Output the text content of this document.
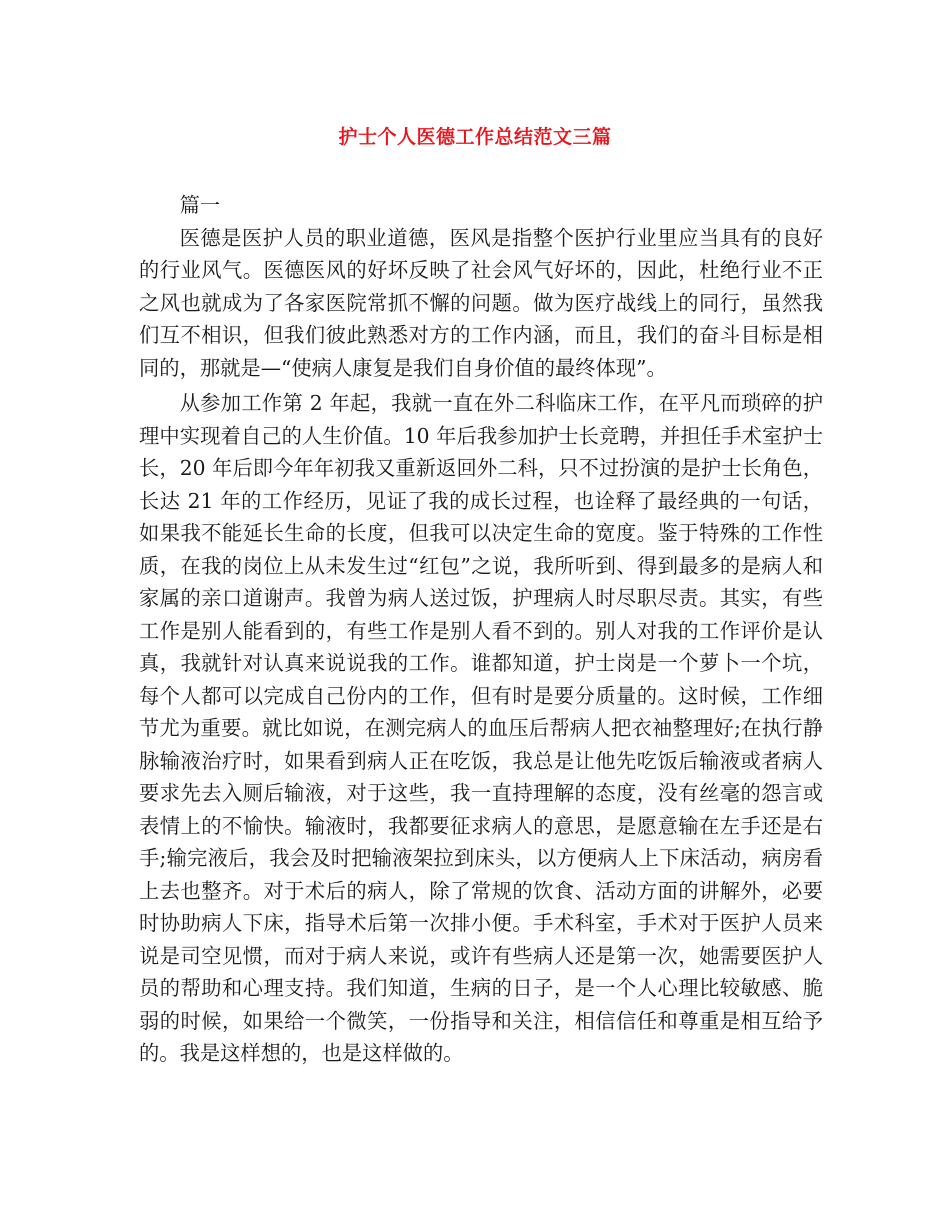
护士个人医德工作总结范文三篇

篇一

医德是医护人员的职业道德，医风是指整个医护行业里应当具有的良好的行业风气。医德医风的好坏反映了社会风气好坏的，因此，杜绝行业不正之风也就成为了各家医院常抓不懈的问题。做为医疗战线上的同行，虽然我们互不相识，但我们彼此熟悉对方的工作内涵，而且，我们的奋斗目标是相同的，那就是—“使病人康复是我们自身价值的最终体现”。

从参加工作第 2 年起，我就一直在外二科临床工作，在平凡而琐碎的护理中实现着自己的人生价值。10 年后我参加护士长竞聘，并担任手术室护士长，20 年后即今年年初我又重新返回外二科，只不过扮演的是护士长角色，长达 21 年的工作经历，见证了我的成长过程，也诠释了最经典的一句话，如果我不能延长生命的长度，但我可以决定生命的宽度。鉴于特殊的工作性质，在我的岗位上从未发生过“红包”之说，我所听到、得到最多的是病人和家属的亲口道谢声。我曾为病人送过饭，护理病人时尽职尽责。其实，有些工作是别人能看到的，有些工作是别人看不到的。别人对我的工作评价是认真，我就针对认真来说说我的工作。谁都知道，护士岗是一个萝卜一个坑，每个人都可以完成自己份内的工作，但有时是要分质量的。这时候，工作细节尤为重要。就比如说，在测完病人的血压后帮病人把衣袖整理好;在执行静脉输液治疗时，如果看到病人正在吃饭，我总是让他先吃饭后输液或者病人要求先去入厕后输液，对于这些，我一直持理解的态度，没有丝毫的怨言或表情上的不愉快。输液时，我都要征求病人的意思，是愿意输在左手还是右手;输完液后，我会及时把输液架拉到床头，以方便病人上下床活动，病房看上去也整齐。对于术后的病人，除了常规的饮食、活动方面的讲解外，必要时协助病人下床，指导术后第一次排小便。手术科室，手术对于医护人员来说是司空见惯，而对于病人来说，或许有些病人还是第一次，她需要医护人员的帮助和心理支持。我们知道，生病的日子，是一个人心理比较敏感、脆弱的时候，如果给一个微笑，一份指导和关注，相信信任和尊重是相互给予的。我是这样想的，也是这样做的。
